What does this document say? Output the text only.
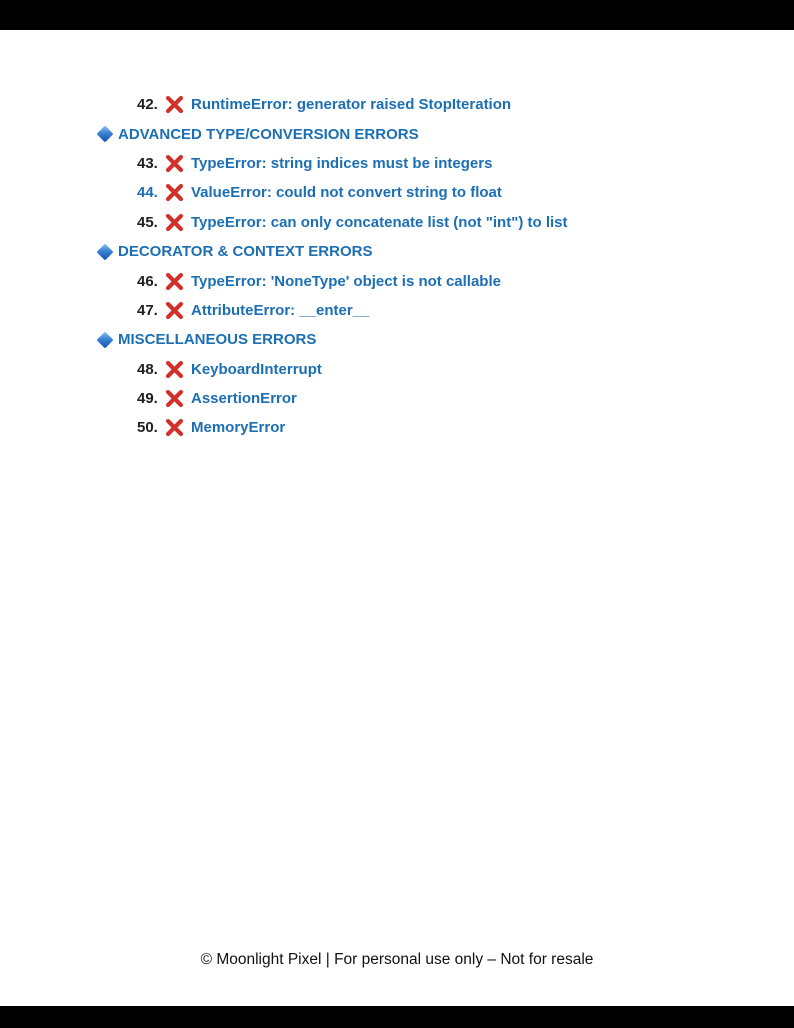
42.	RuntimeError: generator raised StopIteration
ADVANCED TYPE/CONVERSION ERRORS
43.	TypeError: string indices must be integers
44.	ValueError: could not convert string to float
45.	TypeError: can only concatenate list (not "int") to list
DECORATOR & CONTEXT ERRORS
46.	TypeError: 'NoneType' object is not callable
47.	AttributeError: __enter__
MISCELLANEOUS ERRORS
48.	KeyboardInterrupt
49.	AssertionError
50.	MemoryError
© Moonlight Pixel | For personal use only – Not for resale
